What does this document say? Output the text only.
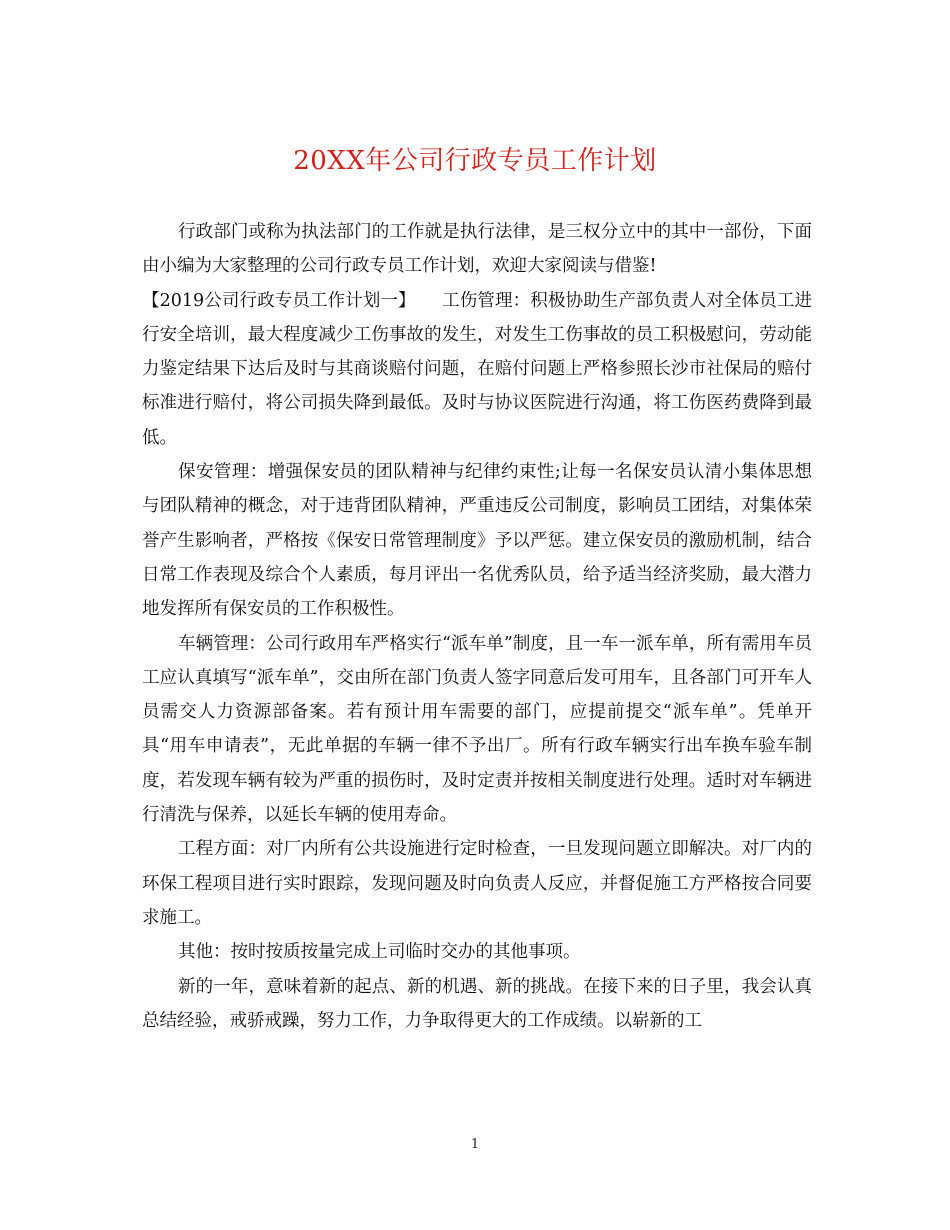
20XX年公司行政专员工作计划

行政部门或称为执法部门的工作就是执行法律，是三权分立中的其中一部份，下面由小编为大家整理的公司行政专员工作计划，欢迎大家阅读与借鉴!

【2019公司行政专员工作计划一】　　工伤管理：积极协助生产部负责人对全体员工进行安全培训，最大程度减少工伤事故的发生，对发生工伤事故的员工积极慰问，劳动能力鉴定结果下达后及时与其商谈赔付问题，在赔付问题上严格参照长沙市社保局的赔付标准进行赔付，将公司损失降到最低。及时与协议医院进行沟通，将工伤医药费降到最低。

保安管理：增强保安员的团队精神与纪律约束性;让每一名保安员认清小集体思想与团队精神的概念，对于违背团队精神，严重违反公司制度，影响员工团结，对集体荣誉产生影响者，严格按《保安日常管理制度》予以严惩。建立保安员的激励机制，结合日常工作表现及综合个人素质，每月评出一名优秀队员，给予适当经济奖励，最大潜力地发挥所有保安员的工作积极性。

车辆管理：公司行政用车严格实行“派车单”制度，且一车一派车单，所有需用车员工应认真填写“派车单”，交由所在部门负责人签字同意后发可用车，且各部门可开车人员需交人力资源部备案。若有预计用车需要的部门，应提前提交“派车单”。凭单开具“用车申请表”，无此单据的车辆一律不予出厂。所有行政车辆实行出车换车验车制度，若发现车辆有较为严重的损伤时，及时定责并按相关制度进行处理。适时对车辆进行清洗与保养，以延长车辆的使用寿命。

工程方面：对厂内所有公共设施进行定时检查，一旦发现问题立即解决。对厂内的环保工程项目进行实时跟踪，发现问题及时向负责人反应，并督促施工方严格按合同要求施工。

其他：按时按质按量完成上司临时交办的其他事项。

新的一年，意味着新的起点、新的机遇、新的挑战。在接下来的日子里，我会认真总结经验，戒骄戒躁，努力工作，力争取得更大的工作成绩。以崭新的工

1
